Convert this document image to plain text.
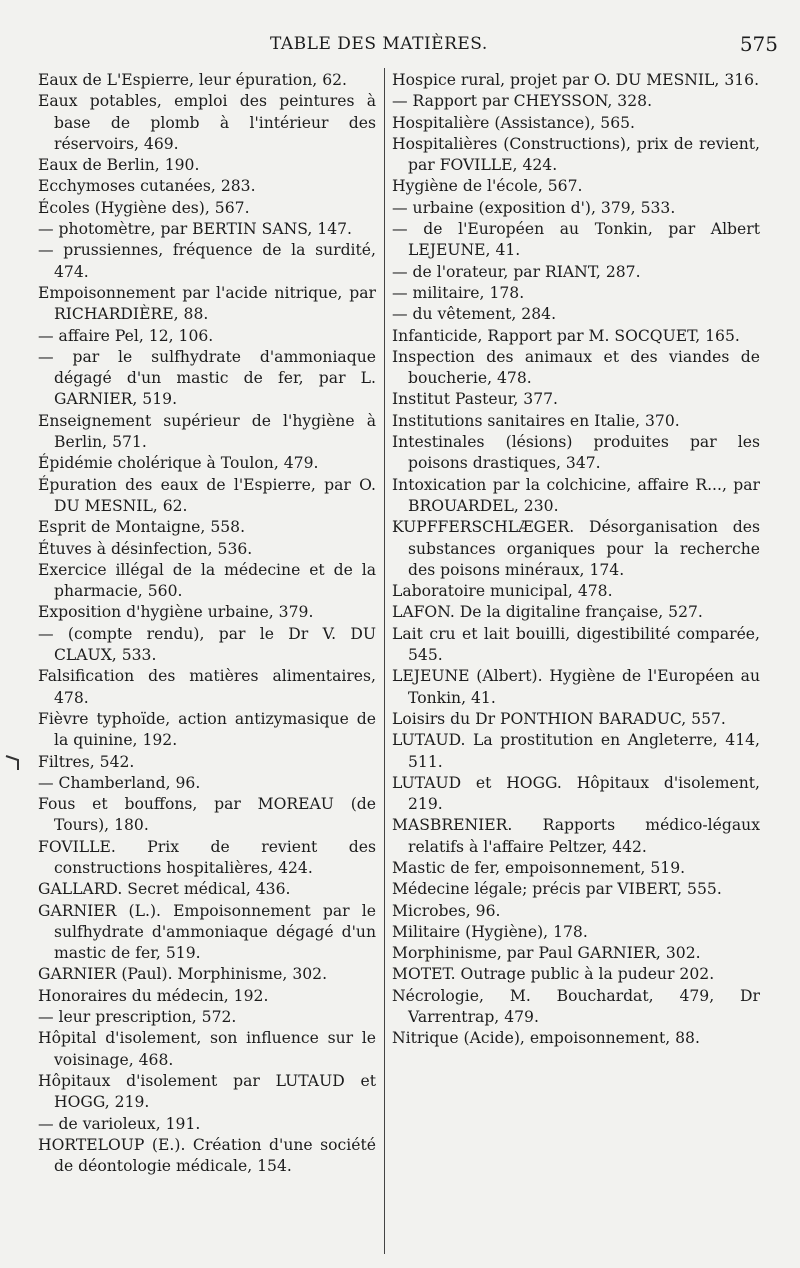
TABLE DES MATIÈRES.	575
Eaux de L'Espierre, leur épuration, 62.
Eaux potables, emploi des peintures à base de plomb à l'intérieur des réservoirs, 469.
Eaux de Berlin, 190.
Ecchymoses cutanées, 283.
Écoles (Hygiène des), 567.
— photomètre, par BERTIN SANS, 147.
— prussiennes, fréquence de la surdité, 474.
Empoisonnement par l'acide nitrique, par RICHARDIÈRE, 88.
— affaire Pel, 12, 106.
— par le sulfhydrate d'ammoniaque dégagé d'un mastic de fer, par L. GARNIER, 519.
Enseignement supérieur de l'hygiène à Berlin, 571.
Épidémie cholérique à Toulon, 479.
Épuration des eaux de l'Espierre, par O. DU MESNIL, 62.
Esprit de Montaigne, 558.
Étuves à désinfection, 536.
Exercice illégal de la médecine et de la pharmacie, 560.
Exposition d'hygiène urbaine, 379.
— (compte rendu), par le Dr V. DU CLAUX, 533.
Falsification des matières alimentaires, 478.
Fièvre typhoïde, action antizymasique de la quinine, 192.
Filtres, 542.
— Chamberland, 96.
Fous et bouffons, par MOREAU (de Tours), 180.
FOVILLE. Prix de revient des constructions hospitalières, 424.
GALLARD. Secret médical, 436.
GARNIER (L.). Empoisonnement par le sulfhydrate d'ammoniaque dégagé d'un mastic de fer, 519.
GARNIER (Paul). Morphinisme, 302.
Honoraires du médecin, 192.
— leur prescription, 572.
Hôpital d'isolement, son influence sur le voisinage, 468.
Hôpitaux d'isolement par LUTAUD et HOGG, 219.
— de varioleux, 191.
HORTELOUP (E.). Création d'une société de déontologie médicale, 154.
Hospice rural, projet par O. DU MESNIL, 316.
— Rapport par CHEYSSON, 328.
Hospitalière (Assistance), 565.
Hospitalières (Constructions), prix de revient, par FOVILLE, 424.
Hygiène de l'école, 567.
— urbaine (exposition d'), 379, 533.
— de l'Européen au Tonkin, par Albert LEJEUNE, 41.
— de l'orateur, par RIANT, 287.
— militaire, 178.
— du vêtement, 284.
Infanticide, Rapport par M. SOCQUET, 165.
Inspection des animaux et des viandes de boucherie, 478.
Institut Pasteur, 377.
Institutions sanitaires en Italie, 370.
Intestinales (lésions) produites par les poisons drastiques, 347.
Intoxication par la colchicine, affaire R..., par BROUARDEL, 230.
KUPFFERSCHLÆGER. Désorganisation des substances organiques pour la recherche des poisons minéraux, 174.
Laboratoire municipal, 478.
LAFON. De la digitaline française, 527.
Lait cru et lait bouilli, digestibilité comparée, 545.
LEJEUNE (Albert). Hygiène de l'Européen au Tonkin, 41.
Loisirs du Dr PONTHION BARADUC, 557.
LUTAUD. La prostitution en Angleterre, 414, 511.
LUTAUD et HOGG. Hôpitaux d'isolement, 219.
MASBRENIER. Rapports médico-légaux relatifs à l'affaire Peltzer, 442.
Mastic de fer, empoisonnement, 519.
Médecine légale; précis par VIBERT, 555.
Microbes, 96.
Militaire (Hygiène), 178.
Morphinisme, par Paul GARNIER, 302.
MOTET. Outrage public à la pudeur 202.
Nécrologie, M. Bouchardat, 479, Dr Varrentrap, 479.
Nitrique (Acide), empoisonnement, 88.
